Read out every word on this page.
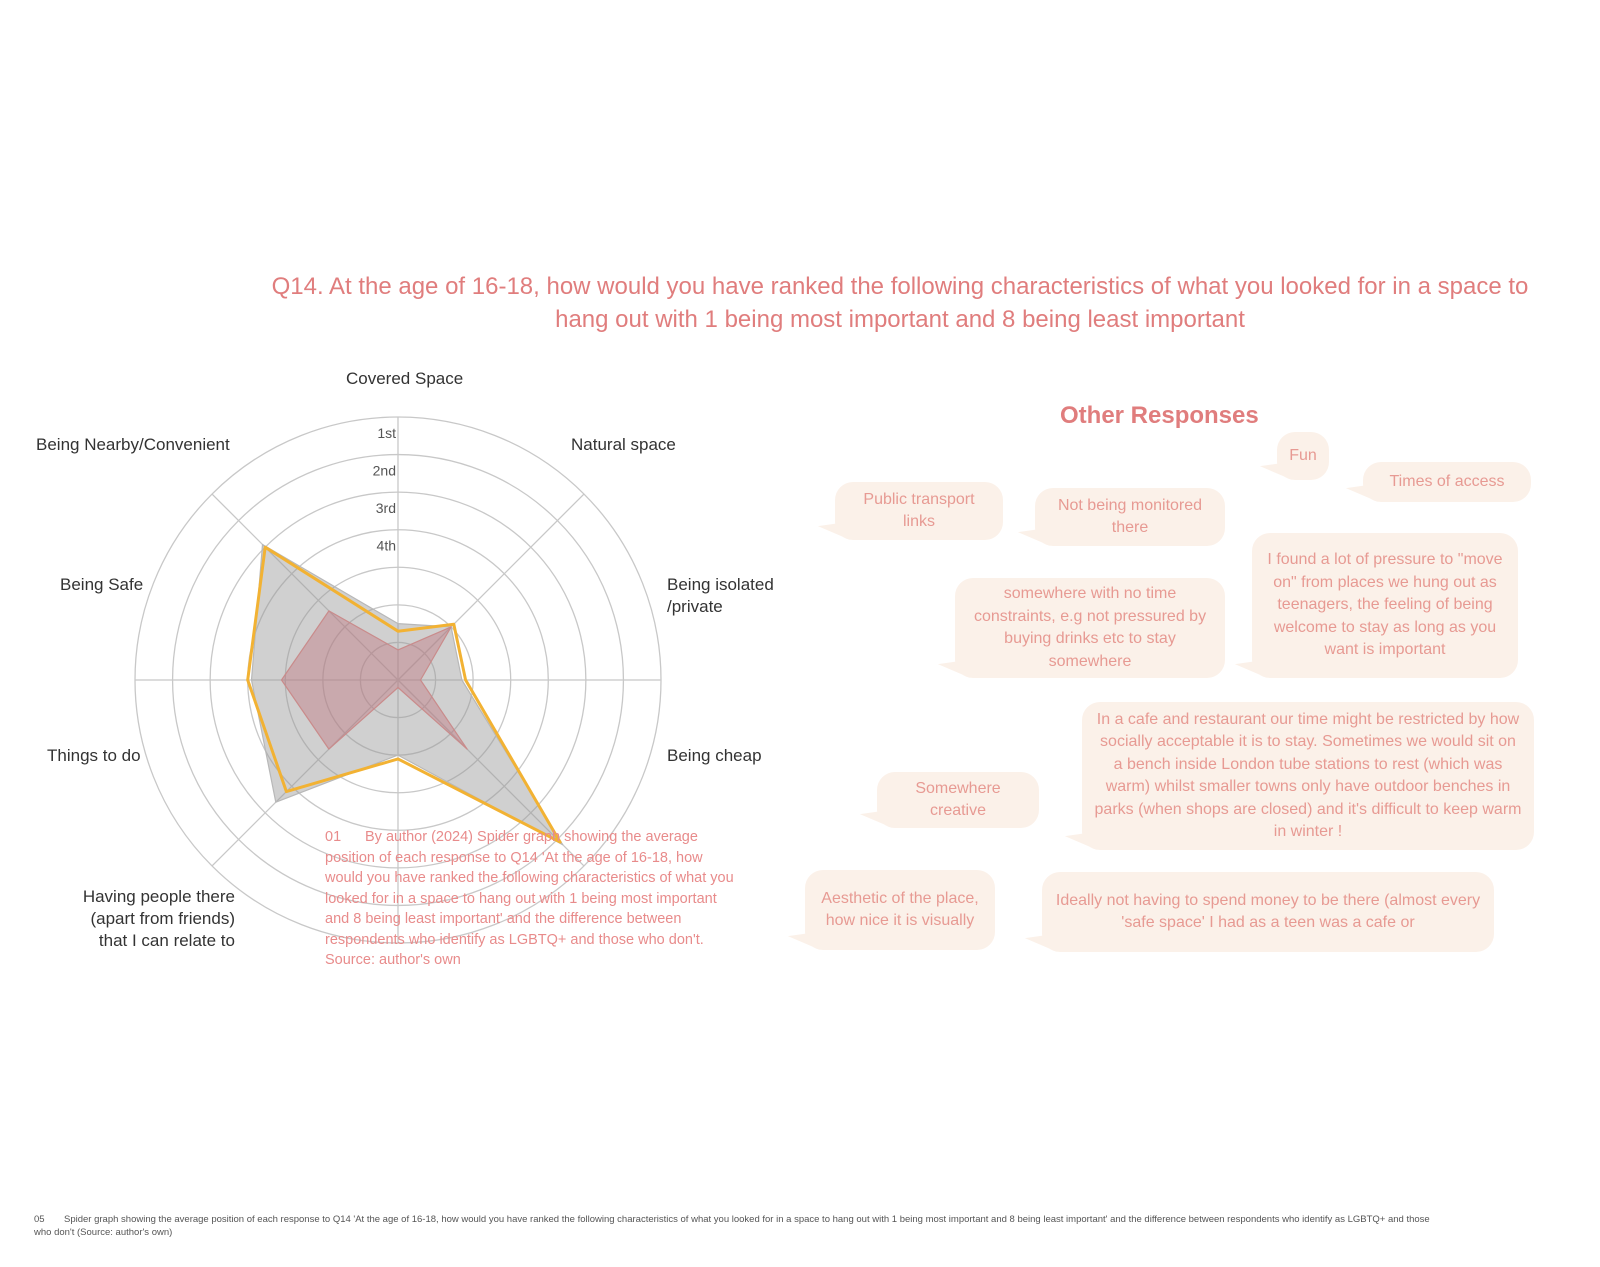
Q14. At the age of 16-18, how would you have ranked the following characteristics of what you looked for in a space to hang out with 1 being most important and 8 being least important
1st
2nd
3rd
4th
Covered Space
Natural space
Being isolated
/private
Being cheap
Having people there
(apart from friends)
that I can relate to
Things to do
Being Safe
Being Nearby/Convenient
01 By author (2024) Spider graph showing the average position of each response to Q14 'At the age of 16-18, how would you have ranked the following characteristics of what you looked for in a space to hang out with 1 being most important and 8 being least important' and the difference between respondents who identify as LGBTQ+ and those who don't. Source: author's own
Other Responses
Public transport links
Not being monitored there
Fun
Times of access
somewhere with no time constraints, e.g not pressured by buying drinks etc to stay somewhere
I found a lot of pressure to "move on" from places we hung out as teenagers, the feeling of being welcome to stay as long as you want is important
In a cafe and restaurant our time might be restricted by how socially acceptable it is to stay. Sometimes we would sit on a bench inside London tube stations to rest (which was warm) whilst smaller towns only have outdoor benches in parks (when shops are closed) and it's difficult to keep warm in winter !
Somewhere creative
Aesthetic of the place, how nice it is visually
Ideally not having to spend money to be there (almost every 'safe space' I had as a teen was a cafe or
05 Spider graph showing the average position of each response to Q14 'At the age of 16-18, how would you have ranked the following characteristics of what you looked for in a space to hang out with 1 being most important and 8 being least important' and the difference between respondents who identify as LGBTQ+ and those who don't (Source: author's own)
